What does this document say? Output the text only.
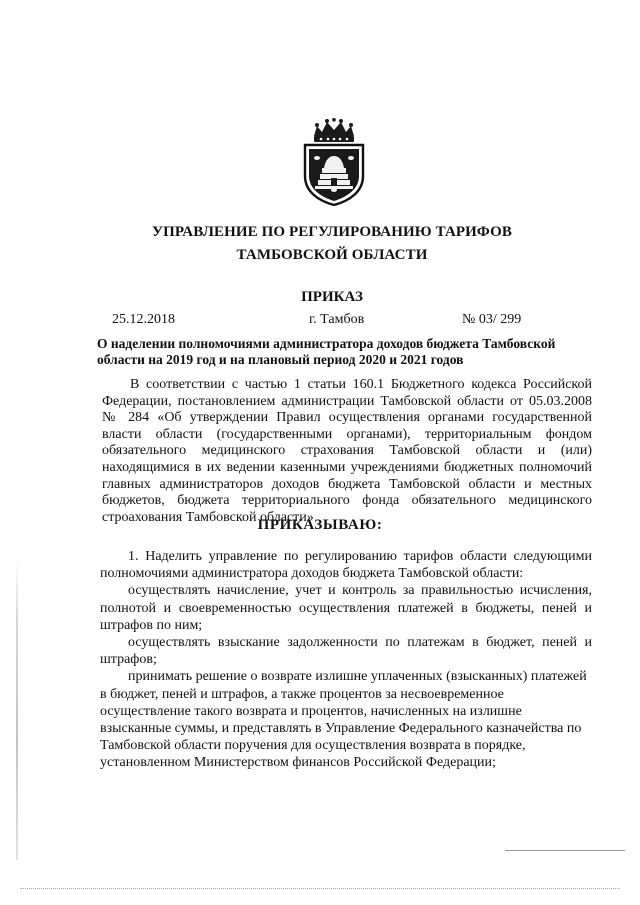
УПРАВЛЕНИЕ ПО РЕГУЛИРОВАНИЮ ТАРИФОВ
ТАМБОВСКОЙ ОБЛАСТИ
ПРИКАЗ
25.12.2018	г. Тамбов	№ 03/ 299
О наделении полномочиями администратора доходов бюджета Тамбовской области на 2019 год и на плановый период 2020 и 2021 годов
В соответствии с частью 1 статьи 160.1 Бюджетного кодекса Российской Федерации, постановлением администрации Тамбовской области от 05.03.2008 № 284 «Об утверждении Правил осуществления органами государственной власти области (государственными органами), территориальным фондом обязательного медицинского страхования Тамбовской области и (или) находящимися в их ведении казенными учреждениями бюджетных полномочий главных администраторов доходов бюджета Тамбовской области и местных бюджетов, бюджета территориального фонда обязательного медицинского строахования Тамбовской области»
ПРИКАЗЫВАЮ:

1. Наделить управление по регулированию тарифов области следующими полномочиями администратора доходов бюджета Тамбовской области:

осуществлять начисление, учет и контроль за правильностью исчисления, полнотой и своевременностью осуществления платежей в бюджеты, пеней и штрафов по ним;

осуществлять взыскание задолженности по платежам в бюджет, пеней и штрафов;

принимать решение о возврате излишне уплаченных (взысканных) платежей в бюджет, пеней и штрафов, а также процентов за несвоевременное осуществление такого возврата и процентов, начисленных на излишне взысканные суммы, и представлять в Управление Федерального казначейства по Тамбовской области поручения для осуществления возврата в порядке, установленном Министерством финансов Российской Федерации;
